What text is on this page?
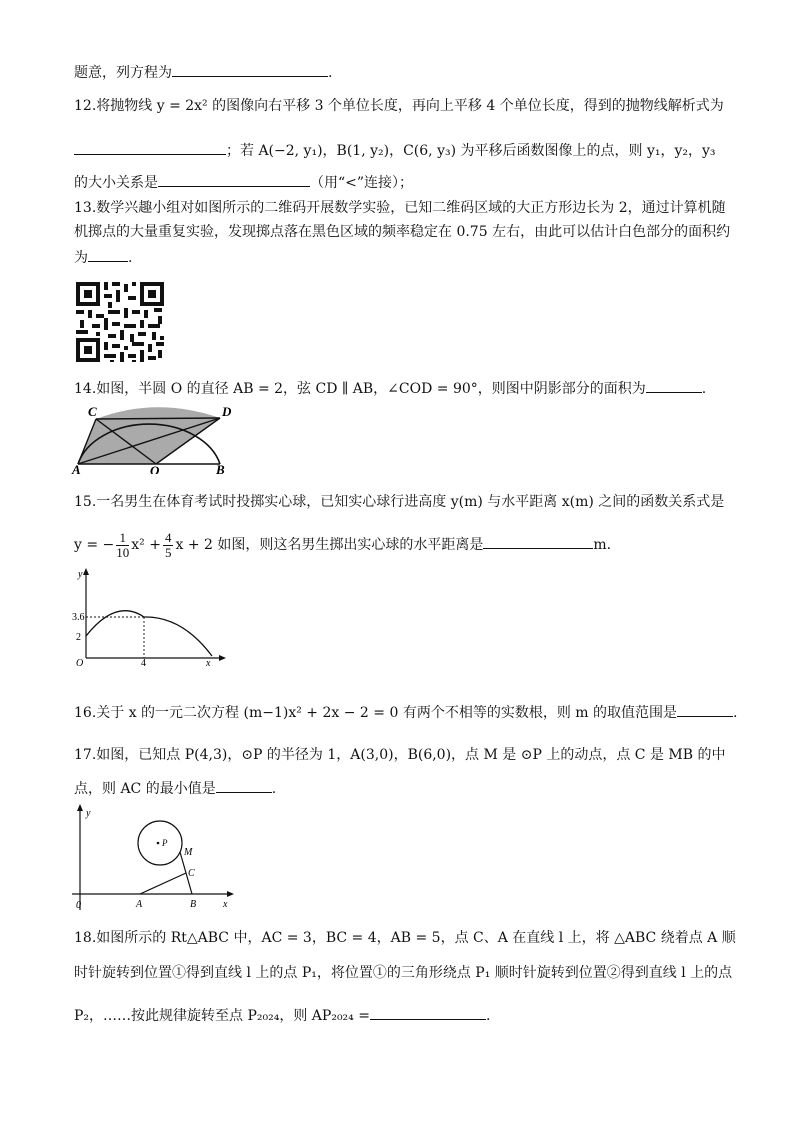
题意，列方程为	.
12.将抛物线 y = 2x² 的图像向右平移 3 个单位长度，再向上平移 4 个单位长度，得到的抛物线解析式为
；若 A(−2, y₁)，B(1, y₂)，C(6, y₃) 为平移后函数图像上的点，则 y₁，y₂，y₃
的大小关系是	（用“<”连接）；
13.数学兴趣小组对如图所示的二维码开展数学实验，已知二维码区域的大正方形边长为 2，通过计算机随
机掷点的大量重复实验，发现掷点落在黑色区域的频率稳定在 0.75 左右，由此可以估计白色部分的面积约
为	.
14.如图，半圆 O 的直径 AB = 2，弦 CD ∥ AB，∠COD = 90°，则图中阴影部分的面积为	.
A	B
C	D
O
15.一名男生在体育考试时投掷实心球，已知实心球行进高度 y(m) 与水平距离 x(m) 之间的函数关系式是
y = − $\frac{1}{10} x^2 + \frac{4}{5}$ x + 2 如图，则这名男生掷出实心球的水平距离是	m.
y
x
O
3.6
2
4
16.关于 x 的一元二次方程 (m−1)x² + 2x − 2 = 0 有两个不相等的实数根，则 m 的取值范围是	.
17.如图，已知点 P(4,3)，⊙P 的半径为 1，A(3,0)，B(6,0)，点 M 是 ⊙P 上的动点，点 C 是 MB 的中
点，则 AC 的最小值是	.
y
x
0	A	B
P
M
C
18.如图所示的 Rt△ABC 中，AC = 3，BC = 4，AB = 5，点 C、A 在直线 l 上，将 △ABC 绕着点 A 顺
时针旋转到位置①得到直线 l 上的点 P₁，将位置①的三角形绕点 P₁ 顺时针旋转到位置②得到直线 l 上的点
P₂，……按此规律旋转至点 P₂₀₂₄，则 AP₂₀₂₄ =	.
